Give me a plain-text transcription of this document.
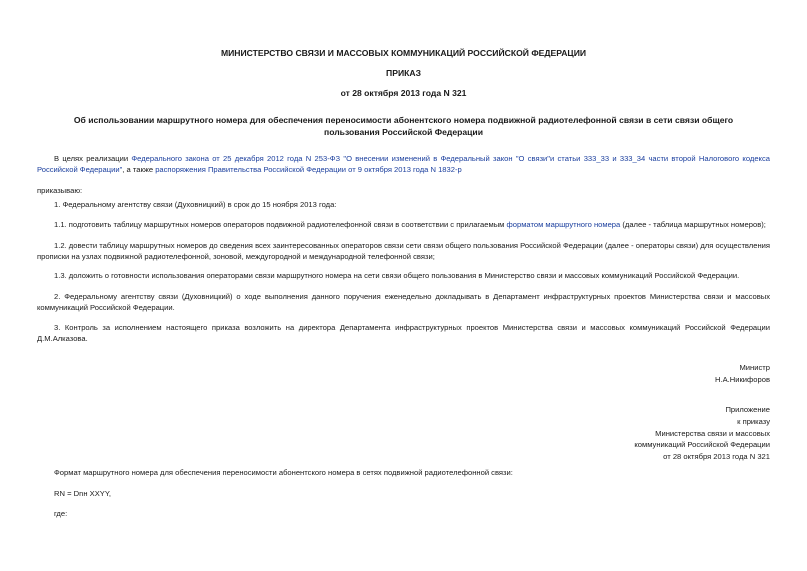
МИНИСТЕРСТВО СВЯЗИ И МАССОВЫХ КОММУНИКАЦИЙ РОССИЙСКОЙ ФЕДЕРАЦИИ
ПРИКАЗ
от 28 октября 2013 года N 321
Об использовании маршрутного номера для обеспечения переносимости абонентского номера подвижной радиотелефонной связи в сети связи общего пользования Российской Федерации
В целях реализации Федерального закона от 25 декабря 2012 года N 253-ФЗ "О внесении изменений в Федеральный закон "О связи"и статьи 333_33 и 333_34 части второй Налогового кодекса Российской Федерации", а также распоряжения Правительства Российской Федерации от 9 октября 2013 года N 1832-р
приказываю:
1. Федеральному агентству связи (Духовницкий) в срок до 15 ноября 2013 года:
1.1. подготовить таблицу маршрутных номеров операторов подвижной радиотелефонной связи в соответствии с прилагаемым форматом маршрутного номера (далее - таблица маршрутных номеров);
1.2. довести таблицу маршрутных номеров до сведения всех заинтересованных операторов связи сети связи общего пользования Российской Федерации (далее - операторы связи) для осуществления прописки на узлах подвижной радиотелефонной, зоновой, междугородной и международной телефонной связи;
1.3. доложить о готовности использования операторами связи маршрутного номера на сети связи общего пользования в Министерство связи и массовых коммуникаций Российской Федерации.
2. Федеральному агентству связи (Духовницкий) о ходе выполнения данного поручения еженедельно докладывать в Департамент инфраструктурных проектов Министерства связи и массовых коммуникаций Российской Федерации.
3. Контроль за исполнением настоящего приказа возложить на директора Департамента инфраструктурных проектов Министерства связи и массовых коммуникаций Российской Федерации Д.М.Алказова.
Министр
Н.А.Никифоров
Приложение
к приказу
Министерства связи и массовых
коммуникаций Российской Федерации
от 28 октября 2013 года N 321
Формат маршрутного номера для обеспечения переносимости абонентского номера в сетях подвижной радиотелефонной связи:
RN = Dnн XXYY,
где:
